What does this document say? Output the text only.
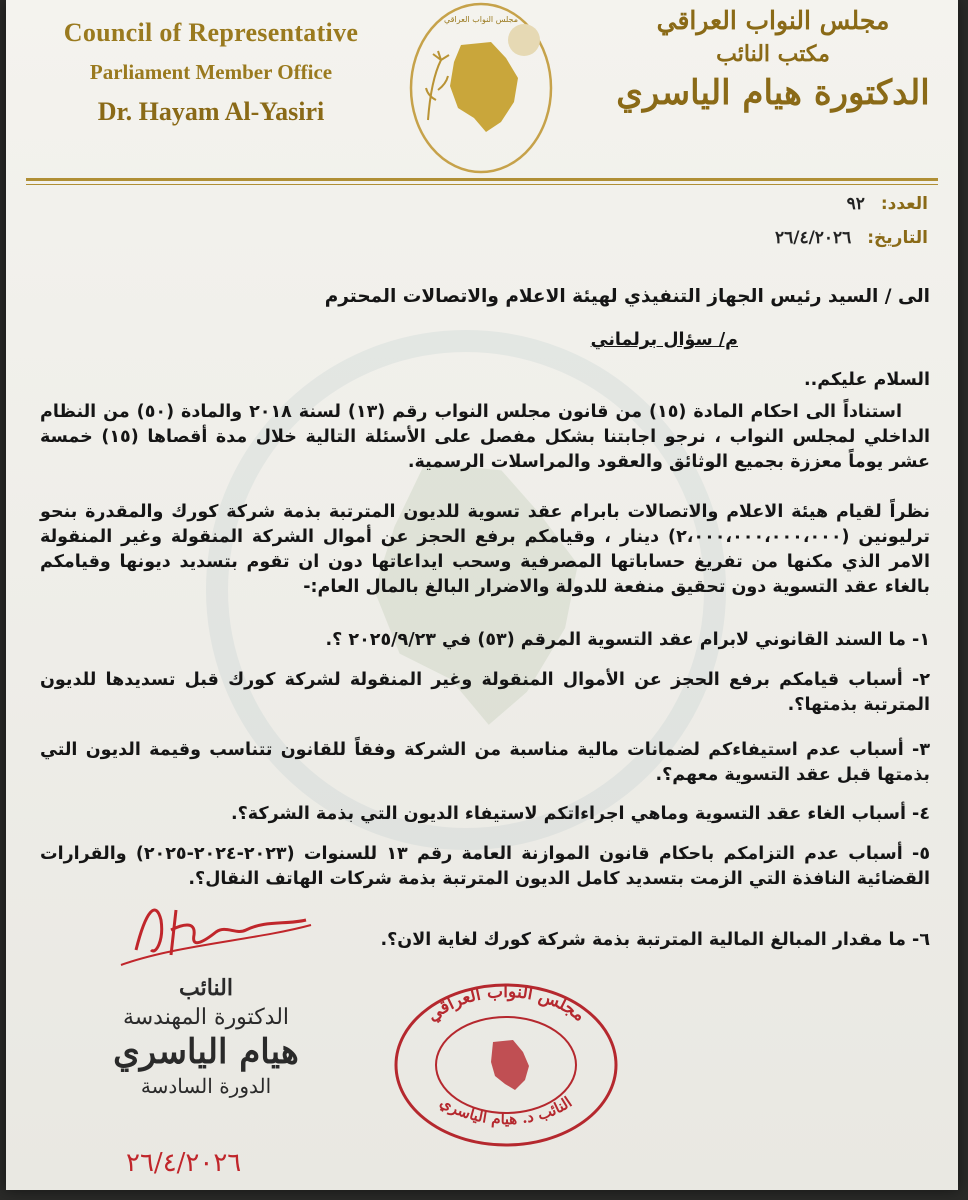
Council of Representative
Parliament Member Office
Dr. Hayam Al-Yasiri
مجلس النواب العراقي	مجلس النواب العراقي
مكتب النائب
الدكتورة هيام الياسري
العدد: ٩٢
التاريخ: ٢٦/٤/٢٠٢٦
الى / السيد رئيس الجهاز التنفيذي لهيئة الاعلام والاتصالات المحترم
م/ سؤال برلماني
السلام عليكم..
استناداً الى احكام المادة (١٥) من قانون مجلس النواب رقم (١٣) لسنة ٢٠١٨ والمادة (٥٠) من النظام الداخلي لمجلس النواب ، نرجو اجابتنا بشكل مفصل على الأسئلة التالية خلال مدة أقصاها (١٥) خمسة عشر يوماً معززة بجميع الوثائق والعقود والمراسلات الرسمية.
نظراً لقيام هيئة الاعلام والاتصالات بابرام عقد تسوية للديون المترتبة بذمة شركة كورك والمقدرة بنحو ترليونين (٢،٠٠٠،٠٠٠،٠٠٠،٠٠٠) دينار ، وقيامكم برفع الحجز عن أموال الشركة المنقولة وغير المنقولة الامر الذي مكنها من تفريغ حساباتها المصرفية وسحب ايداعاتها دون ان تقوم بتسديد ديونها وقيامكم بالغاء عقد التسوية دون تحقيق منفعة للدولة والاضرار البالغ بالمال العام:-
١- ما السند القانوني لابرام عقد التسوية المرقم (٥٣) في ٢٠٢٥/٩/٢٣ ؟.
٢- أسباب قيامكم برفع الحجز عن الأموال المنقولة وغير المنقولة لشركة كورك قبل تسديدها للديون المترتبة بذمتها؟.
٣- أسباب عدم استيفاءكم لضمانات مالية مناسبة من الشركة وفقاً للقانون تتناسب وقيمة الديون التي بذمتها قبل عقد التسوية معهم؟.
٤- أسباب الغاء عقد التسوية وماهي اجراءاتكم لاستيفاء الديون التي بذمة الشركة؟.
٥- أسباب عدم التزامكم باحكام قانون الموازنة العامة رقم ١٣ للسنوات (٢٠٢٣-٢٠٢٤-٢٠٢٥) والقرارات القضائية النافذة التي الزمت بتسديد كامل الديون المترتبة بذمة شركات الهاتف النقال؟.
٦- ما مقدار المبالغ المالية المترتبة بذمة شركة كورك لغاية الان؟.
النائب
الدكتورة المهندسة
هيام الياسري
الدورة السادسة
٢٦/٤/٢٠٢٦
مجلس النواب العراقي
النائب د. هيام الياسري
